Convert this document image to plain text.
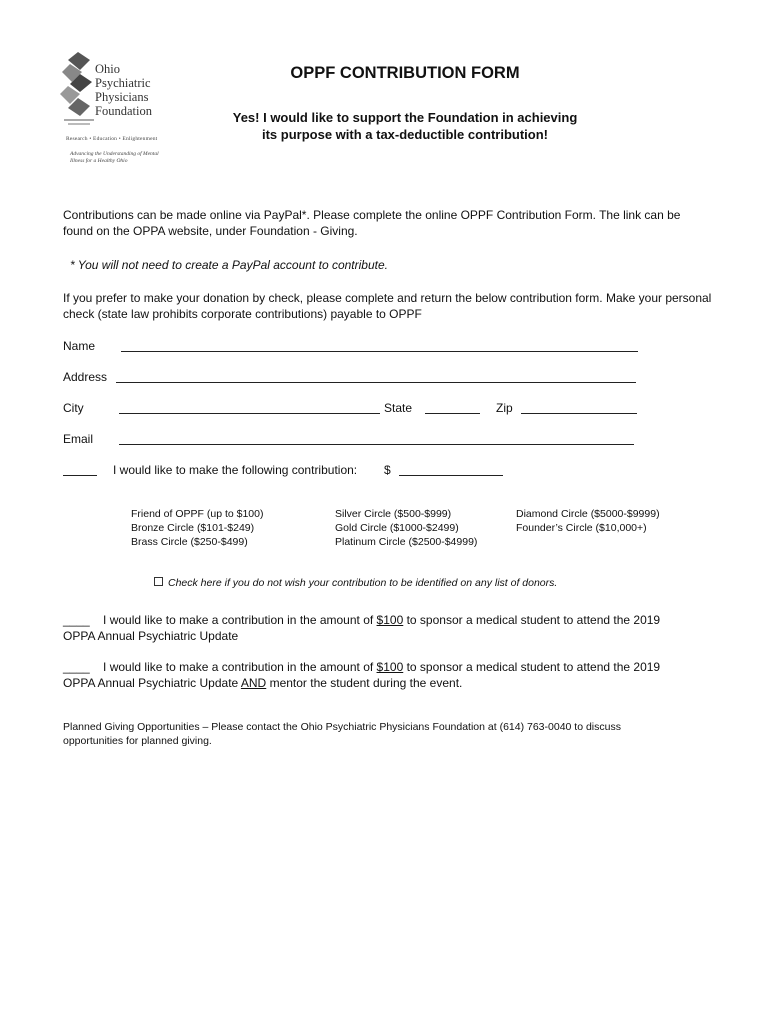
Ohio
Psychiatric
Physicians
Foundation
Research • Education • Enlightenment
Advancing the Understanding of Mental Illness for a Healthy Ohio
OPPF CONTRIBUTION FORM
Yes! I would like to support the Foundation in achieving
its purpose with a tax-deductible contribution!
Contributions can be made online via PayPal*. Please complete the online OPPF Contribution Form. The link can be found on the OPPA website, under Foundation - Giving.
* You will not need to create a PayPal account to contribute.
If you prefer to make your donation by check, please complete and return the below contribution form. Make your personal check (state law prohibits corporate contributions) payable to OPPF
Name
Address
City	State	Zip
Email
I would like to make the following contribution: $
Friend of OPPF (up to $100)
Bronze Circle ($101-$249)
Brass Circle ($250-$499)
Silver Circle ($500-$999)
Gold Circle ($1000-$2499)
Platinum Circle ($2500-$4999)
Diamond Circle ($5000-$9999)
Founder’s Circle ($10,000+)
Check here if you do not wish your contribution to be identified on any list of donors.
____ I would like to make a contribution in the amount of $100 to sponsor a medical student to attend the 2019
OPPA Annual Psychiatric Update
____ I would like to make a contribution in the amount of $100 to sponsor a medical student to attend the 2019
OPPA Annual Psychiatric Update AND mentor the student during the event.
Planned Giving Opportunities – Please contact the Ohio Psychiatric Physicians Foundation at (614) 763-0040 to discuss opportunities for planned giving.
